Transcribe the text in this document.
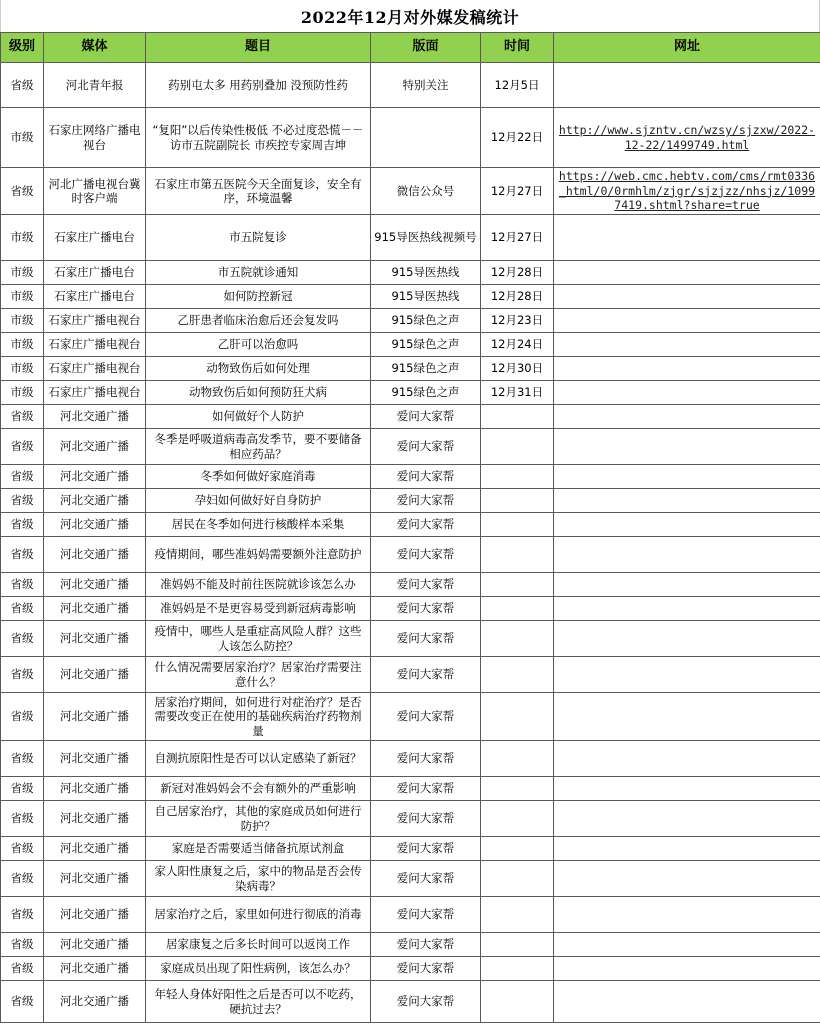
2022年12月对外媒发稿统计
级别	媒体	题目	版面	时间	网址
省级	河北青年报	药别屯太多 用药别叠加 没预防性药	特别关注	12月5日	
市级	石家庄网络广播电视台	“复阳”以后传染性极低 不必过度恐慌－－访市五院副院长 市疾控专家周吉坤		12月22日	http://www.sjzntv.cn/wzsy/sjzxw/2022-12-22/1499749.html
省级	河北广播电视台冀时客户端	石家庄市第五医院今天全面复诊，安全有序，环境温馨	微信公众号	12月27日	https://web.cmc.hebtv.com/cms/rmt0336_html/0/0rmhlm/zjgr/sjzjzz/nhsjz/10997419.shtml?share=true
市级	石家庄广播电台	市五院复诊	915导医热线视频号	12月27日	
市级	石家庄广播电台	市五院就诊通知	915导医热线	12月28日	
市级	石家庄广播电台	如何防控新冠	915导医热线	12月28日	
市级	石家庄广播电视台	乙肝患者临床治愈后还会复发吗	915绿色之声	12月23日	
市级	石家庄广播电视台	乙肝可以治愈吗	915绿色之声	12月24日	
市级	石家庄广播电视台	动物致伤后如何处理	915绿色之声	12月30日	
市级	石家庄广播电视台	动物致伤后如何预防狂犬病	915绿色之声	12月31日	
省级	河北交通广播	如何做好个人防护	爱问大家帮		
省级	河北交通广播	冬季是呼吸道病毒高发季节，要不要储备相应药品？	爱问大家帮		
省级	河北交通广播	冬季如何做好家庭消毒	爱问大家帮		
省级	河北交通广播	孕妇如何做好好自身防护	爱问大家帮		
省级	河北交通广播	居民在冬季如何进行核酸样本采集	爱问大家帮		
省级	河北交通广播	疫情期间，哪些准妈妈需要额外注意防护	爱问大家帮		
省级	河北交通广播	准妈妈不能及时前往医院就诊该怎么办	爱问大家帮		
省级	河北交通广播	准妈妈是不是更容易受到新冠病毒影响	爱问大家帮		
省级	河北交通广播	疫情中，哪些人是重症高风险人群？这些人该怎么防控？	爱问大家帮		
省级	河北交通广播	什么情况需要居家治疗？居家治疗需要注意什么？	爱问大家帮		
省级	河北交通广播	居家治疗期间，如何进行对症治疗？是否需要改变正在使用的基础疾病治疗药物剂量	爱问大家帮		
省级	河北交通广播	自测抗原阳性是否可以认定感染了新冠？	爱问大家帮		
省级	河北交通广播	新冠对准妈妈会不会有额外的严重影响	爱问大家帮		
省级	河北交通广播	自己居家治疗，其他的家庭成员如何进行防护？	爱问大家帮		
省级	河北交通广播	家庭是否需要适当储备抗原试剂盒	爱问大家帮		
省级	河北交通广播	家人阳性康复之后，家中的物品是否会传染病毒？	爱问大家帮		
省级	河北交通广播	居家治疗之后，家里如何进行彻底的消毒	爱问大家帮		
省级	河北交通广播	居家康复之后多长时间可以返岗工作	爱问大家帮		
省级	河北交通广播	家庭成员出现了阳性病例，该怎么办？	爱问大家帮		
省级	河北交通广播	年轻人身体好阳性之后是否可以不吃药，硬抗过去？	爱问大家帮		
